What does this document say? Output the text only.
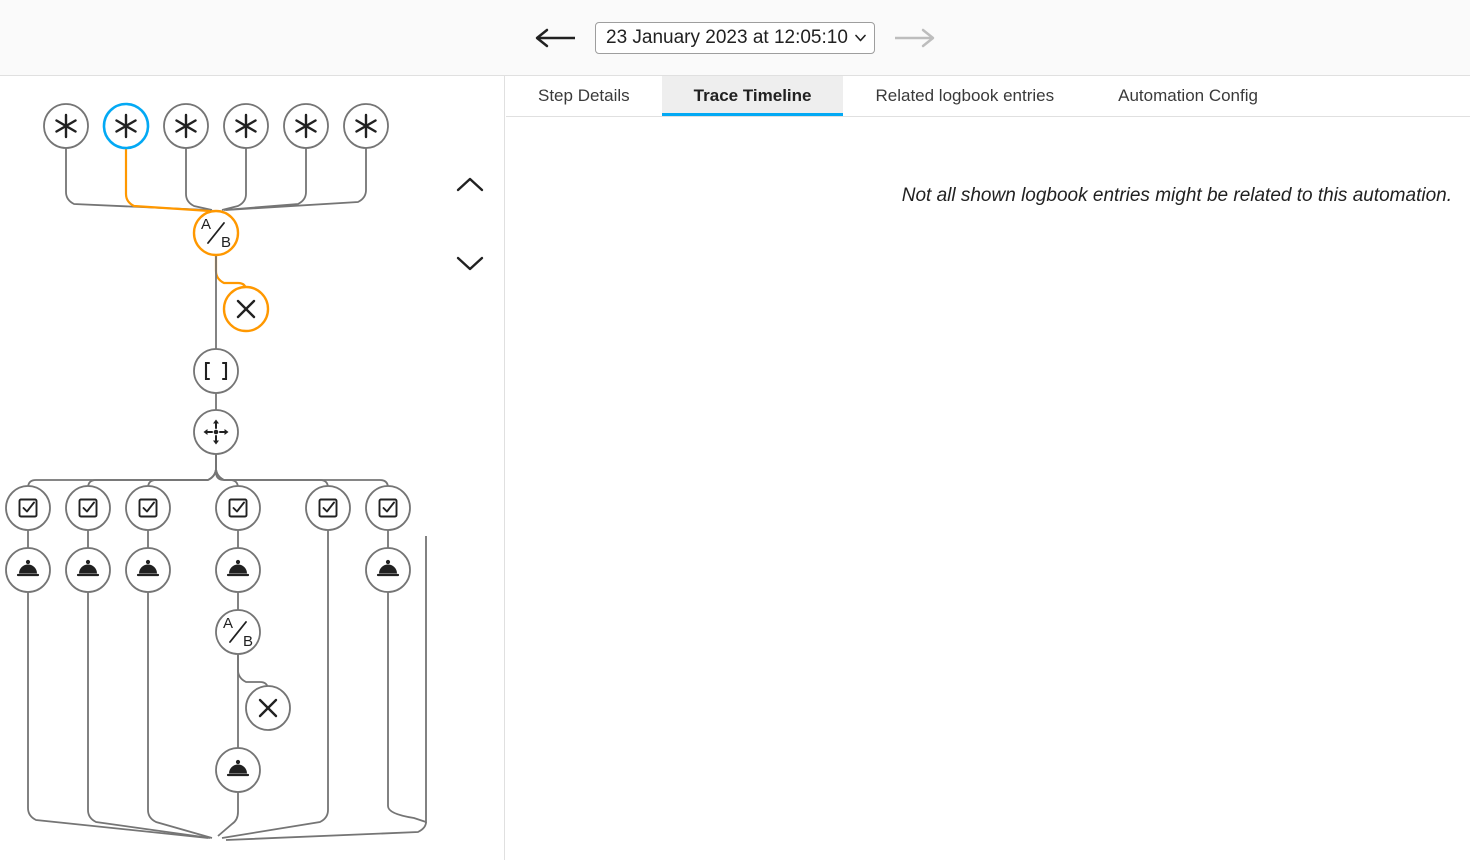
23 January 2023 at 12:05:10
A
B
A
B
Step Details	Trace Timeline	Related logbook entries	Automation Config
Not all shown logbook entries might be related to this automation.
